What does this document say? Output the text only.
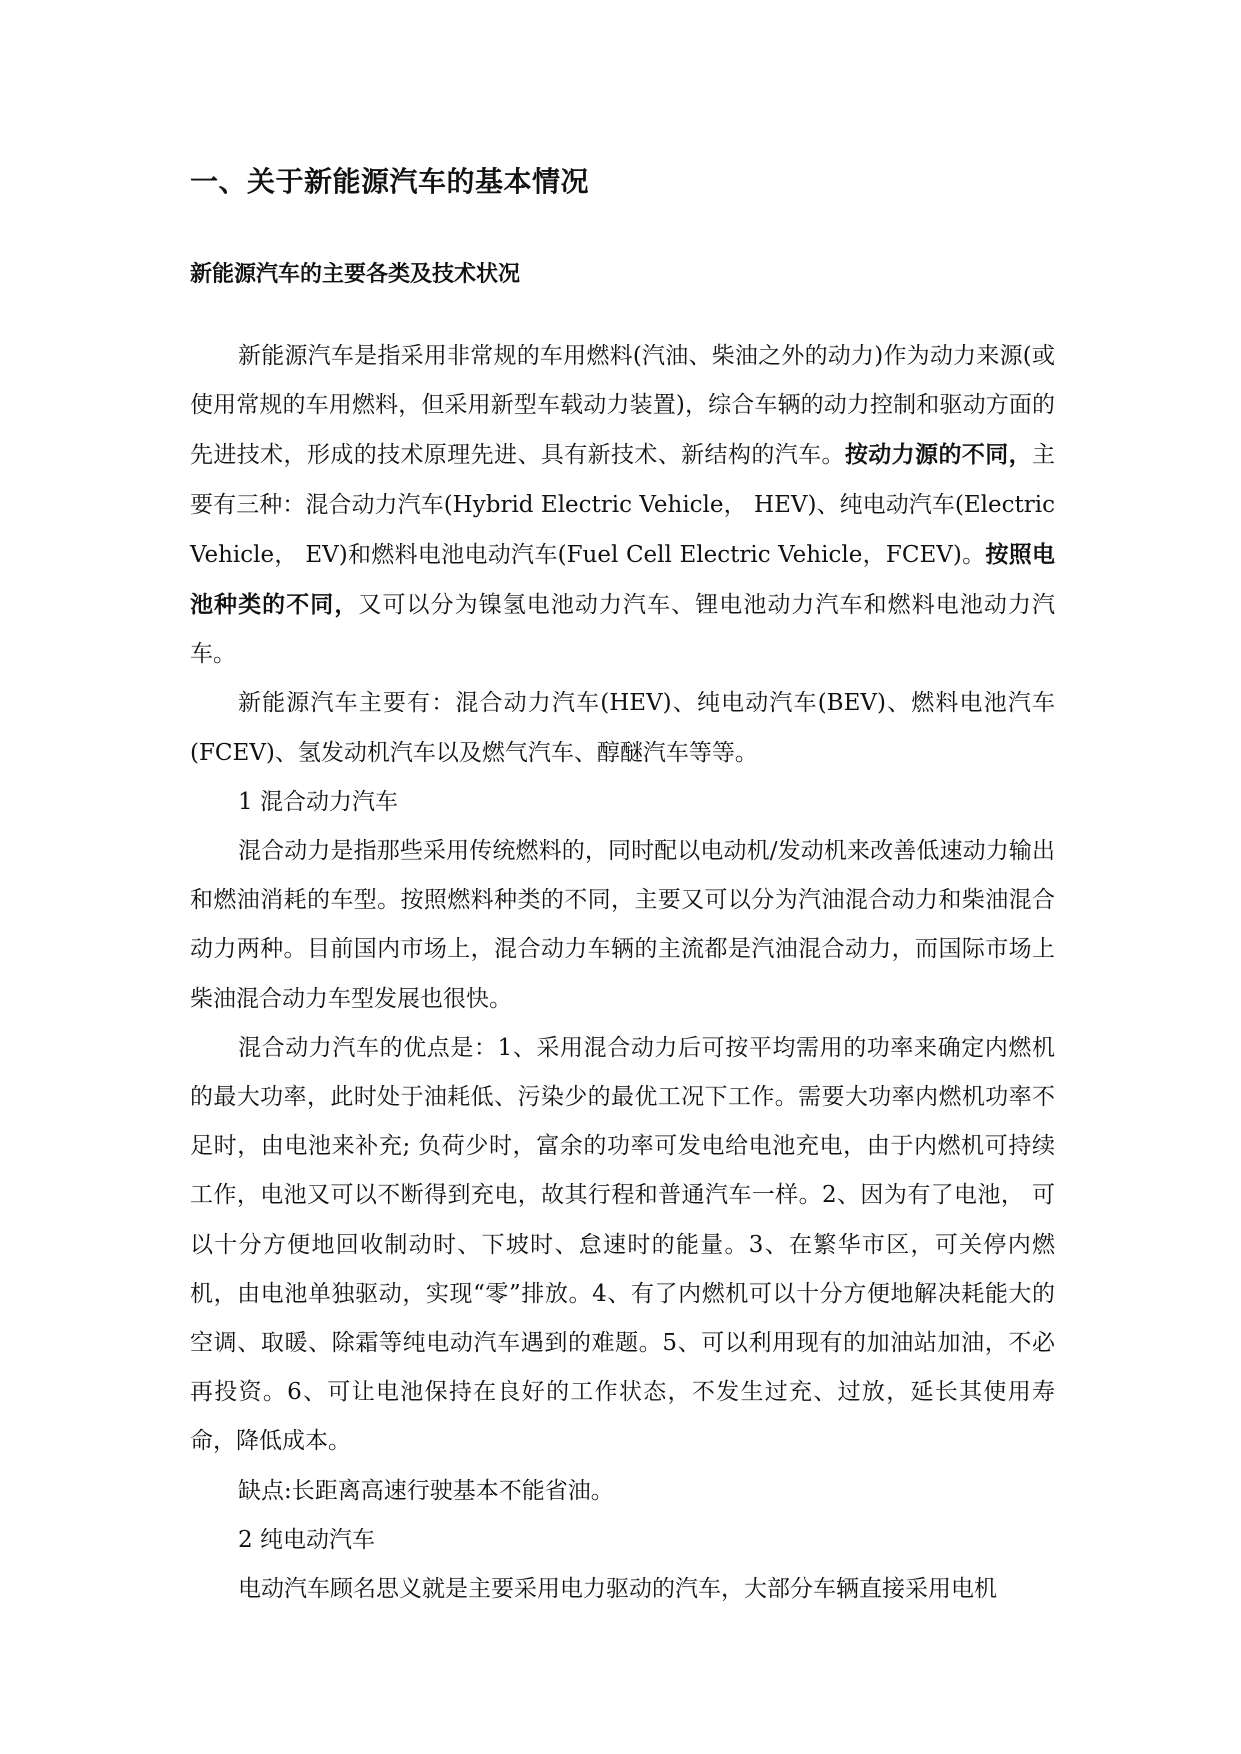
一、关于新能源汽车的基本情况
新能源汽车的主要各类及技术状况

新能源汽车是指采用非常规的车用燃料(汽油、柴油之外的动力)作为动力来源(或使用常规的车用燃料，但采用新型车载动力装置)，综合车辆的动力控制和驱动方面的先进技术，形成的技术原理先进、具有新技术、新结构的汽车。按动力源的不同，主要有三种：混合动力汽车(Hybrid Electric Vehicle， HEV)、纯电动汽车(Electric Vehicle， EV)和燃料电池电动汽车(Fuel Cell Electric Vehicle，FCEV)。按照电池种类的不同，又可以分为镍氢电池动力汽车、锂电池动力汽车和燃料电池动力汽车。

新能源汽车主要有：混合动力汽车(HEV)、纯电动汽车(BEV)、燃料电池汽车(FCEV)、氢发动机汽车以及燃气汽车、醇醚汽车等等。

1 混合动力汽车

混合动力是指那些采用传统燃料的，同时配以电动机/发动机来改善低速动力输出和燃油消耗的车型。按照燃料种类的不同，主要又可以分为汽油混合动力和柴油混合动力两种。目前国内市场上，混合动力车辆的主流都是汽油混合动力，而国际市场上柴油混合动力车型发展也很快。

混合动力汽车的优点是：1、采用混合动力后可按平均需用的功率来确定内燃机的最大功率，此时处于油耗低、污染少的最优工况下工作。需要大功率内燃机功率不足时，由电池来补充; 负荷少时，富余的功率可发电给电池充电，由于内燃机可持续工作，电池又可以不断得到充电，故其行程和普通汽车一样。2、因为有了电池， 可以十分方便地回收制动时、下坡时、怠速时的能量。3、在繁华市区，可关停内燃机，由电池单独驱动，实现“零”排放。4、有了内燃机可以十分方便地解决耗能大的空调、取暖、除霜等纯电动汽车遇到的难题。5、可以利用现有的加油站加油，不必再投资。6、可让电池保持在良好的工作状态，不发生过充、过放，延长其使用寿命，降低成本。

缺点:长距离高速行驶基本不能省油。

2 纯电动汽车

电动汽车顾名思义就是主要采用电力驱动的汽车，大部分车辆直接采用电机
